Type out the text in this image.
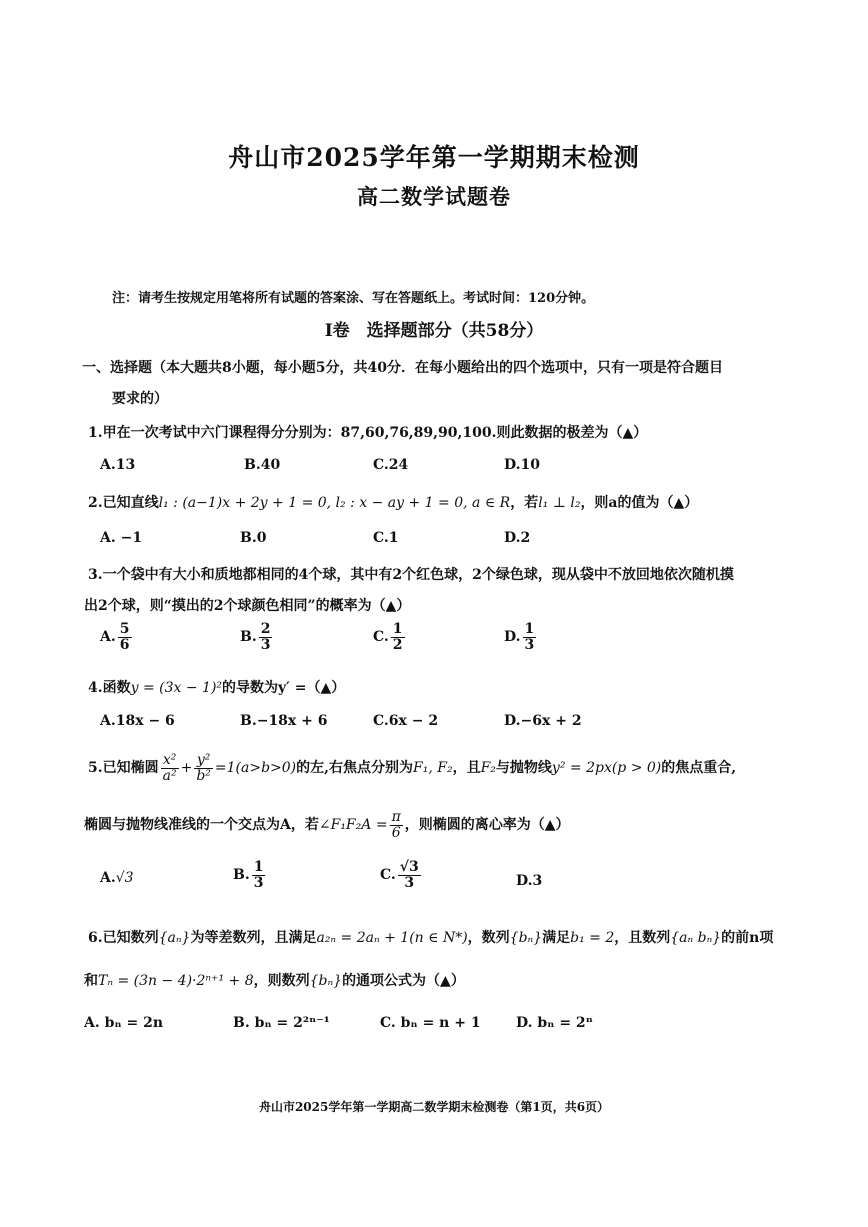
舟山市2025学年第一学期期末检测
高二数学试题卷
注：请考生按规定用笔将所有试题的答案涂、写在答题纸上。考试时间：120分钟。
Ⅰ卷　选择题部分（共58分）
一、选择题（本大题共8小题，每小题5分，共40分．在每小题给出的四个选项中，只有一项是符合题目
要求的）
1.甲在一次考试中六门课程得分分别为：87,60,76,89,90,100.则此数据的极差为（▲）
A.13	B.40	C.24	D.10
2.已知直线l₁ : (a−1)x + 2y + 1 = 0, l₂ : x − ay + 1 = 0, a ∈ R，若l₁ ⊥ l₂，则a的值为（▲）
A. −1	B.0	C.1	D.2
3.一个袋中有大小和质地都相同的4个球，其中有2个红色球，2个绿色球，现从袋中不放回地依次随机摸
出2个球，则“摸出的2个球颜色相同”的概率为（▲）
A. $\frac{5}{6}$	B. $\frac{2}{3}$	C. $\frac{1}{2}$	D. $\frac{1}{3}$
4.函数y = (3x − 1)²的导数为y′ =（▲）
A.18x − 6	B.−18x + 6	C.6x − 2	D.−6x + 2
5.已知椭圆 $\frac{\text{x²}}{\text{a²}} + \frac{\text{y²}}{\text{b²}} =1(a>b>0)$的左,右焦点分别为F₁, F₂，且F₂与抛物线y² = 2px(p > 0)的焦点重合,
椭圆与抛物线准线的一个交点为A，若∠F₁F₂A = $\frac{\pi}{6}$ ，则椭圆的离心率为（▲）
A.√3	B. $\frac{1}{3}$	C. $\frac{√3}{3}$	D.3
6.已知数列{aₙ}为等差数列，且满足a₂ₙ = 2aₙ + 1(n ∈ N*)，数列{bₙ}满足b₁ = 2，且数列{aₙ bₙ}的前n项
和Tₙ = (3n − 4)·2ⁿ⁺¹ + 8，则数列{bₙ}的通项公式为（▲）
A. bₙ = 2n	B. bₙ = 2²ⁿ⁻¹	C. bₙ = n + 1	D. bₙ = 2ⁿ
舟山市2025学年第一学期高二数学期末检测卷（第1页，共6页）
